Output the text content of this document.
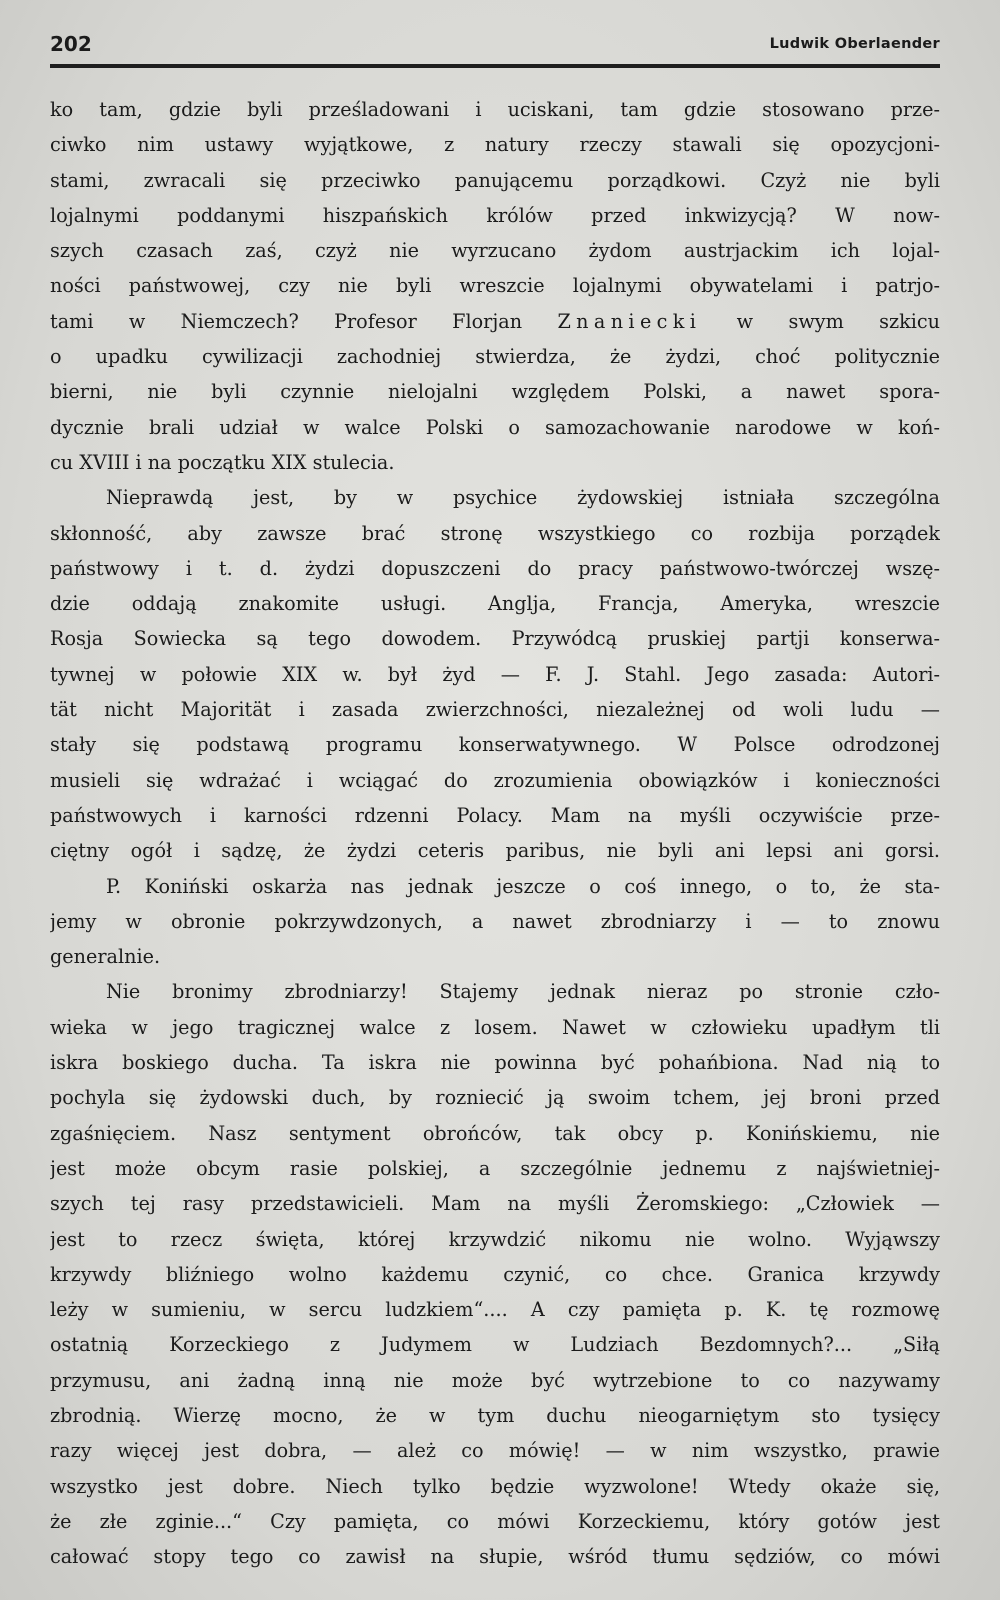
202	Ludwik Oberlaender
ko tam, gdzie byli prześladowani i uciskani, tam gdzie stosowano prze-
ciwko nim ustawy wyjątkowe, z natury rzeczy stawali się opozycjoni-
stami, zwracali się przeciwko panującemu porządkowi. Czyż nie byli
lojalnymi poddanymi hiszpańskich królów przed inkwizycją? W now-
szych czasach zaś, czyż nie wyrzucano żydom austrjackim ich lojal-
ności państwowej, czy nie byli wreszcie lojalnymi obywatelami i patrjo-
tami w Niemczech? Profesor Florjan Znaniecki w swym szkicu
o upadku cywilizacji zachodniej stwierdza, że żydzi, choć politycznie
bierni, nie byli czynnie nielojalni względem Polski, a nawet spora-
dycznie brali udział w walce Polski o samozachowanie narodowe w koń-
cu XVIII i na początku XIX stulecia.
Nieprawdą jest, by w psychice żydowskiej istniała szczególna
skłonność, aby zawsze brać stronę wszystkiego co rozbija porządek
państwowy i t. d. żydzi dopuszczeni do pracy państwowo-twórczej wszę-
dzie oddają znakomite usługi. Anglja, Francja, Ameryka, wreszcie
Rosja Sowiecka są tego dowodem. Przywódcą pruskiej partji konserwa-
tywnej w połowie XIX w. był żyd — F. J. Stahl. Jego zasada: Autori-
tät nicht Majorität i zasada zwierzchności, niezależnej od woli ludu —
stały się podstawą programu konserwatywnego. W Polsce odrodzonej
musieli się wdrażać i wciągać do zrozumienia obowiązków i konieczności
państwowych i karności rdzenni Polacy. Mam na myśli oczywiście prze-
ciętny ogół i sądzę, że żydzi ceteris paribus, nie byli ani lepsi ani gorsi.
P. Koniński oskarża nas jednak jeszcze o coś innego, o to, że sta-
jemy w obronie pokrzywdzonych, a nawet zbrodniarzy i — to znowu
generalnie.
Nie bronimy zbrodniarzy! Stajemy jednak nieraz po stronie czło-
wieka w jego tragicznej walce z losem. Nawet w człowieku upadłym tli
iskra boskiego ducha. Ta iskra nie powinna być pohańbiona. Nad nią to
pochyla się żydowski duch, by rozniecić ją swoim tchem, jej broni przed
zgaśnięciem. Nasz sentyment obrońców, tak obcy p. Konińskiemu, nie
jest może obcym rasie polskiej, a szczególnie jednemu z najświetniej-
szych tej rasy przedstawicieli. Mam na myśli Żeromskiego: „Człowiek —
jest to rzecz święta, której krzywdzić nikomu nie wolno. Wyjąwszy
krzywdy bliźniego wolno każdemu czynić, co chce. Granica krzywdy
leży w sumieniu, w sercu ludzkiem“.... A czy pamięta p. K. tę rozmowę
ostatnią Korzeckiego z Judymem w Ludziach Bezdomnych?... „Siłą
przymusu, ani żadną inną nie może być wytrzebione to co nazywamy
zbrodnią. Wierzę mocno, że w tym duchu nieogarniętym sto tysięcy
razy więcej jest dobra, — ależ co mówię! — w nim wszystko, prawie
wszystko jest dobre. Niech tylko będzie wyzwolone! Wtedy okaże się,
że złe zginie...“ Czy pamięta, co mówi Korzeckiemu, który gotów jest
całować stopy tego co zawisł na słupie, wśród tłumu sędziów, co mówi
